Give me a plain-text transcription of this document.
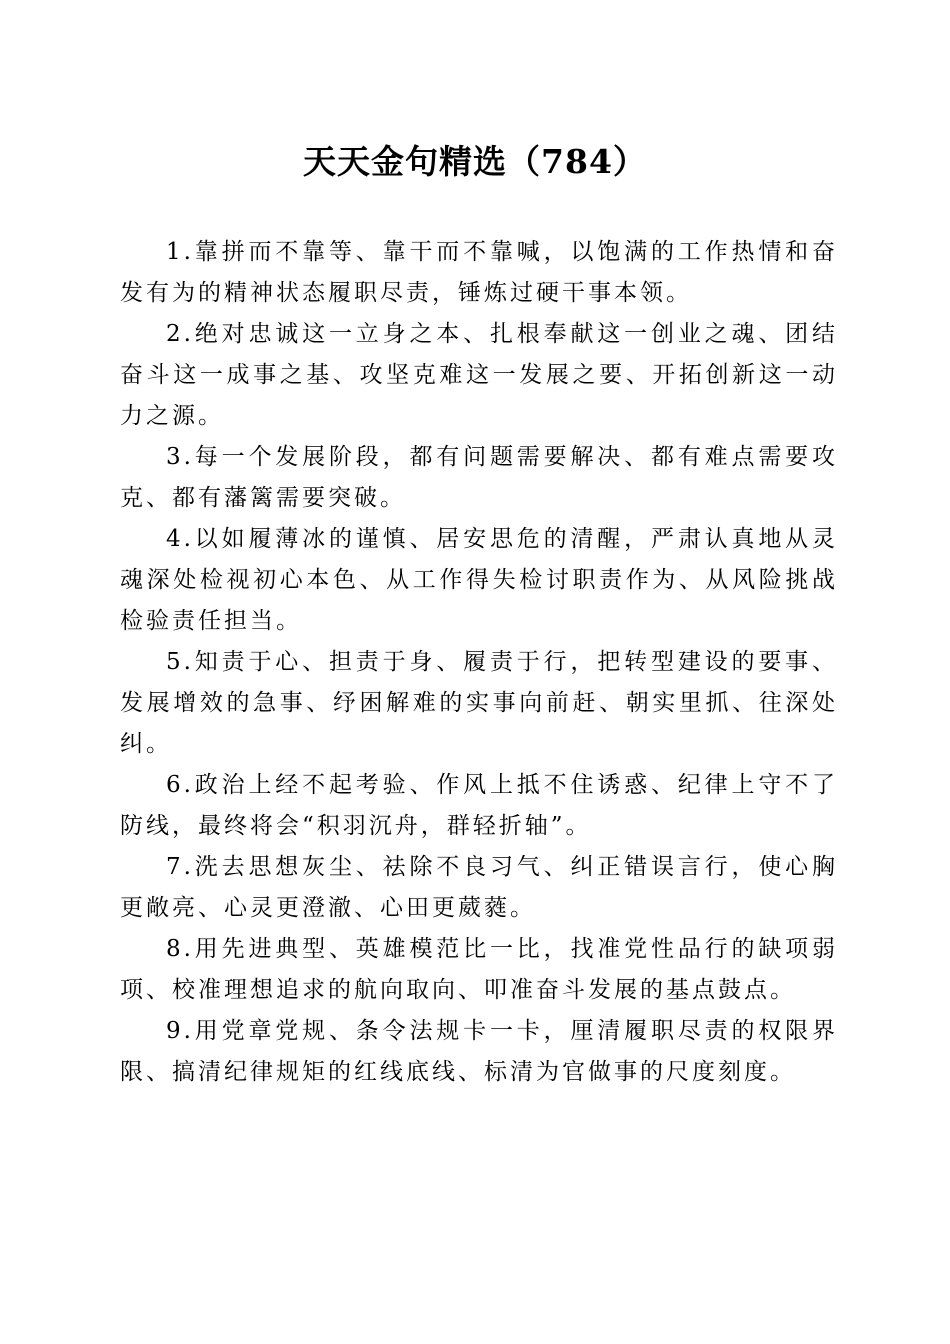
天天金句精选（784）

1.靠拼而不靠等、靠干而不靠喊，以饱满的工作热情和奋发有为的精神状态履职尽责，锤炼过硬干事本领。

2.绝对忠诚这一立身之本、扎根奉献这一创业之魂、团结奋斗这一成事之基、攻坚克难这一发展之要、开拓创新这一动力之源。

3.每一个发展阶段，都有问题需要解决、都有难点需要攻克、都有藩篱需要突破。

4.以如履薄冰的谨慎、居安思危的清醒，严肃认真地从灵魂深处检视初心本色、从工作得失检讨职责作为、从风险挑战检验责任担当。

5.知责于心、担责于身、履责于行，把转型建设的要事、发展增效的急事、纾困解难的实事向前赶、朝实里抓、往深处纠。

6.政治上经不起考验、作风上抵不住诱惑、纪律上守不了防线，最终将会“积羽沉舟，群轻折轴”。

7.洗去思想灰尘、祛除不良习气、纠正错误言行，使心胸更敞亮、心灵更澄澈、心田更葳蕤。

8.用先进典型、英雄模范比一比，找准党性品行的缺项弱项、校准理想追求的航向取向、叩准奋斗发展的基点鼓点。

9.用党章党规、条令法规卡一卡，厘清履职尽责的权限界限、搞清纪律规矩的红线底线、标清为官做事的尺度刻度。
